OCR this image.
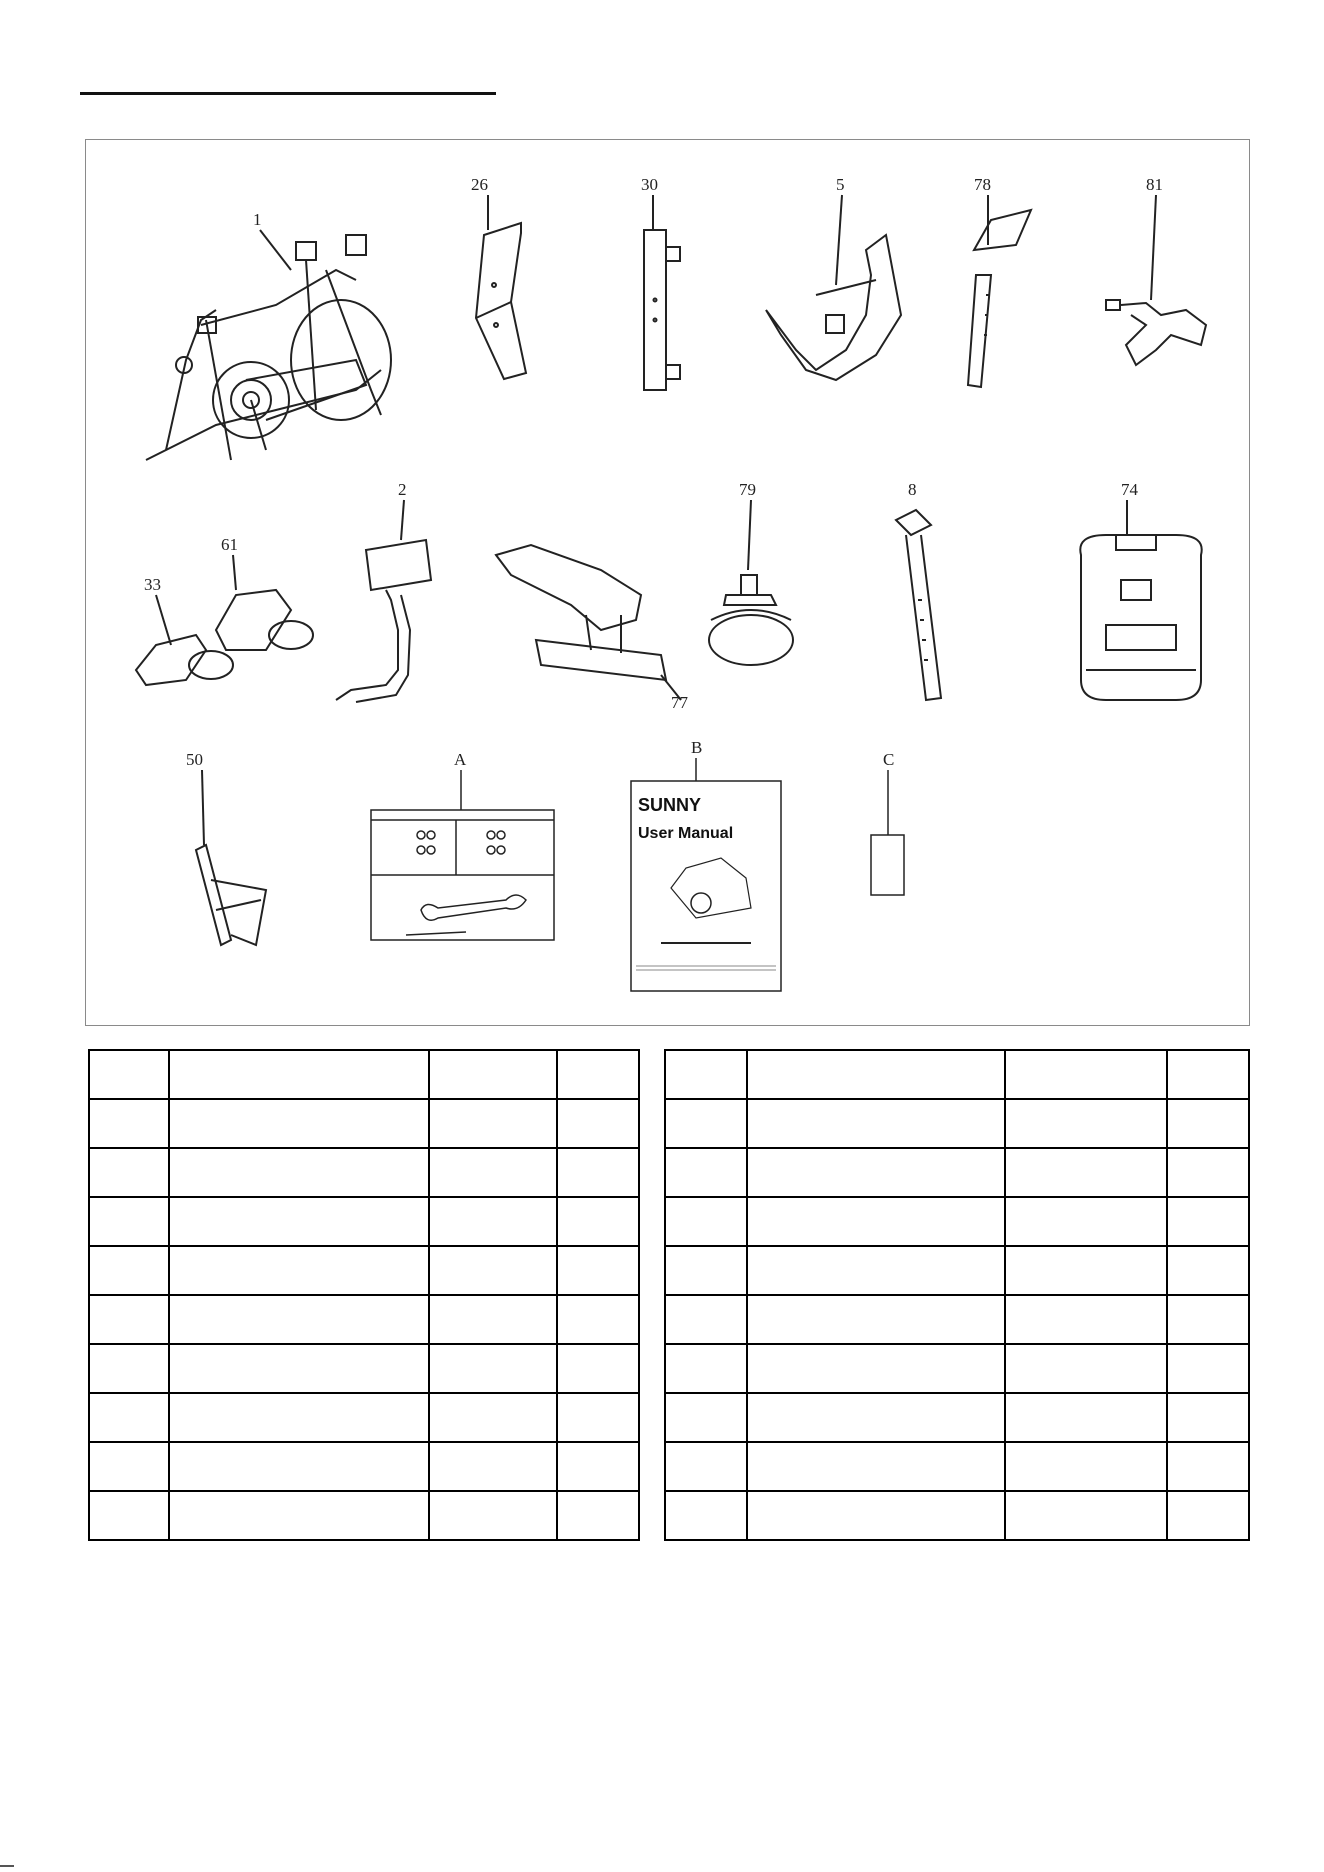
1
26	30	5	78	81
2
33
61
77
79	8	74
50	A
B
SUNNY
User Manual
C
